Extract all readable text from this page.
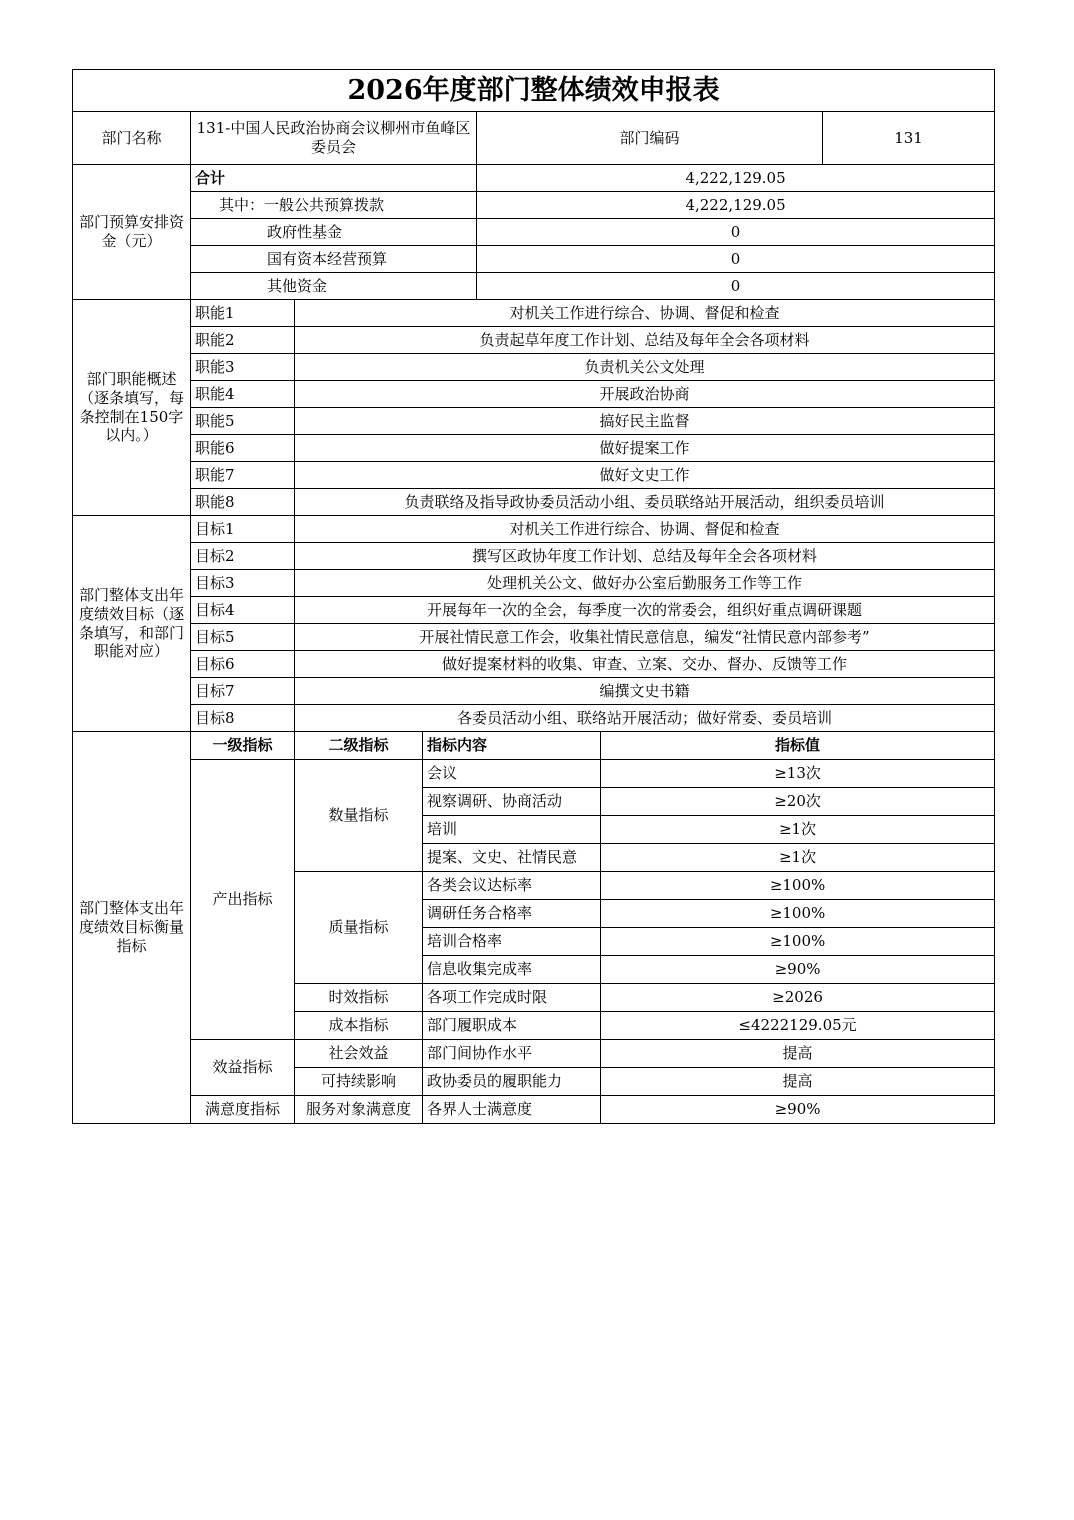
2026年度部门整体绩效申报表						
部门名称	131-中国人民政治协商会议柳州市鱼峰区委员会			部门编码		131
部门预算安排资金（元）	合计			4,222,129.05		
	其中：一般公共预算拨款			4,222,129.05		
	政府性基金			0		
	国有资本经营预算			0		
	其他资金			0		
部门职能概述（逐条填写，每条控制在150字以内。）	职能1	对机关工作进行综合、协调、督促和检查				
	职能2	负责起草年度工作计划、总结及每年全会各项材料				
	职能3	负责机关公文处理				
	职能4	开展政治协商				
	职能5	搞好民主监督				
	职能6	做好提案工作				
	职能7	做好文史工作				
	职能8	负责联络及指导政协委员活动小组、委员联络站开展活动，组织委员培训				
部门整体支出年度绩效目标（逐条填写，和部门职能对应）	目标1	对机关工作进行综合、协调、督促和检查				
	目标2	撰写区政协年度工作计划、总结及每年全会各项材料				
	目标3	处理机关公文、做好办公室后勤服务工作等工作				
	目标4	开展每年一次的全会，每季度一次的常委会，组织好重点调研课题				
	目标5	开展社情民意工作会，收集社情民意信息，编发“社情民意内部参考”				
	目标6	做好提案材料的收集、审查、立案、交办、督办、反馈等工作				
	目标7	编撰文史书籍				
	目标8	各委员活动小组、联络站开展活动；做好常委、委员培训				
部门整体支出年度绩效目标衡量指标	一级指标	二级指标	指标内容		指标值	
	产出指标	数量指标	会议		≥13次	
			视察调研、协商活动		≥20次	
			培训		≥1次	
			提案、文史、社情民意		≥1次	
		质量指标	各类会议达标率		≥100%	
			调研任务合格率		≥100%	
			培训合格率		≥100%	
			信息收集完成率		≥90%	
		时效指标	各项工作完成时限		≥2026	
		成本指标	部门履职成本		≤4222129.05元	
	效益指标	社会效益	部门间协作水平		提高	
		可持续影响	政协委员的履职能力		提高	
	满意度指标	服务对象满意度	各界人士满意度		≥90%	
